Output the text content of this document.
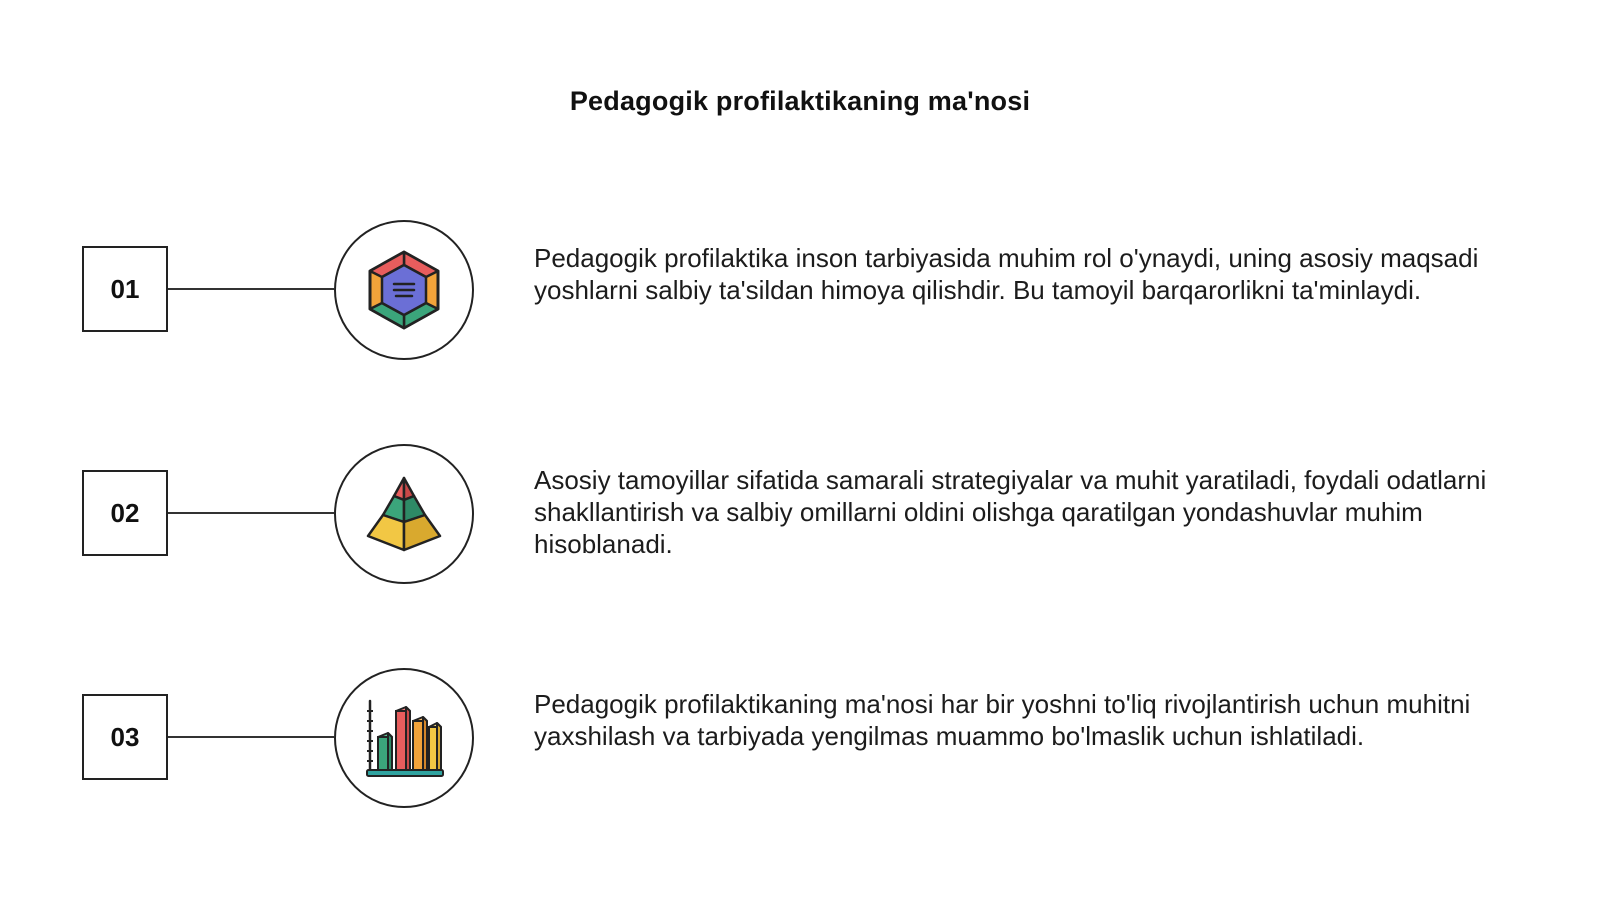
Pedagogik profilaktikaning ma'nosi
01
Pedagogik profilaktika inson tarbiyasida muhim rol o'ynaydi, uning asosiy maqsadi yoshlarni salbiy ta'sildan himoya qilishdir. Bu tamoyil barqarorlikni ta'minlaydi.
02
Asosiy tamoyillar sifatida samarali strategiyalar va muhit yaratiladi, foydali odatlarni shakllantirish va salbiy omillarni oldini olishga qaratilgan yondashuvlar muhim hisoblanadi.
03
Pedagogik profilaktikaning ma'nosi har bir yoshni to'liq rivojlantirish uchun muhitni yaxshilash va tarbiyada yengilmas muammo bo'lmaslik uchun ishlatiladi.
